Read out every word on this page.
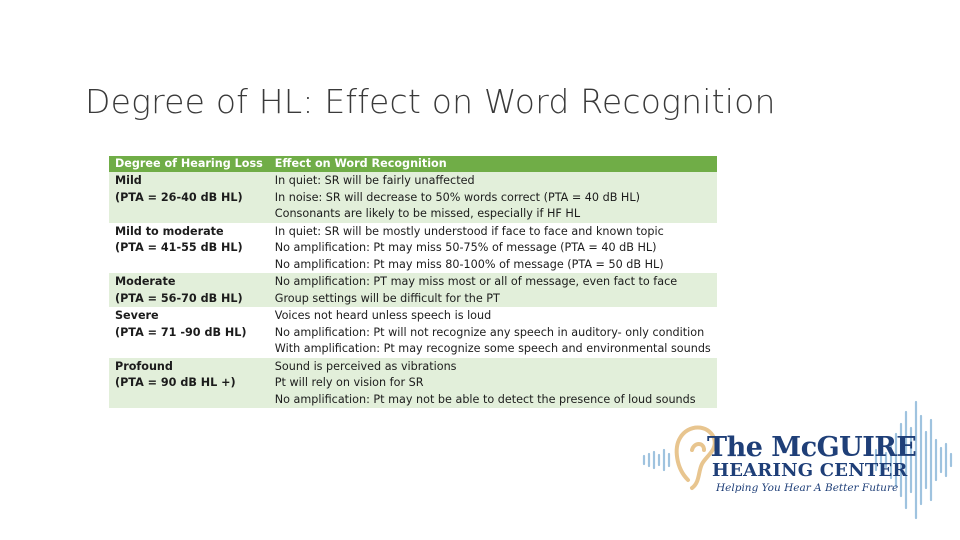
Degree of HL: Effect on Word Recognition
Degree of Hearing Loss	Effect on Word Recognition

Mild
(PTA = 26-40 dB HL)	In quiet: SR will be fairly unaffected
In noise: SR will decrease to 50% words correct (PTA = 40 dB HL)
Consonants are likely to be missed, especially if HF HL

Mild to moderate
(PTA = 41-55 dB HL)	In quiet: SR will be mostly understood if face to face and known topic
No amplification: Pt may miss 50-75% of message (PTA = 40 dB HL)
No amplification: Pt may miss 80-100% of message (PTA = 50 dB HL)

Moderate
(PTA = 56-70 dB HL)	No amplification: PT may miss most or all of message, even fact to face
Group settings will be difficult for the PT

Severe
(PTA = 71 -90 dB HL)	Voices not heard unless speech is loud
No amplification: Pt will not recognize any speech in auditory- only condition
With amplification: Pt may recognize some speech and environmental sounds

Profound
(PTA = 90 dB HL +)	Sound is perceived as vibrations
Pt will rely on vision for SR
No amplification: Pt may not be able to detect the presence of loud sounds
The McGUIRE
HEARING CENTER
Helping You Hear A Better Future
